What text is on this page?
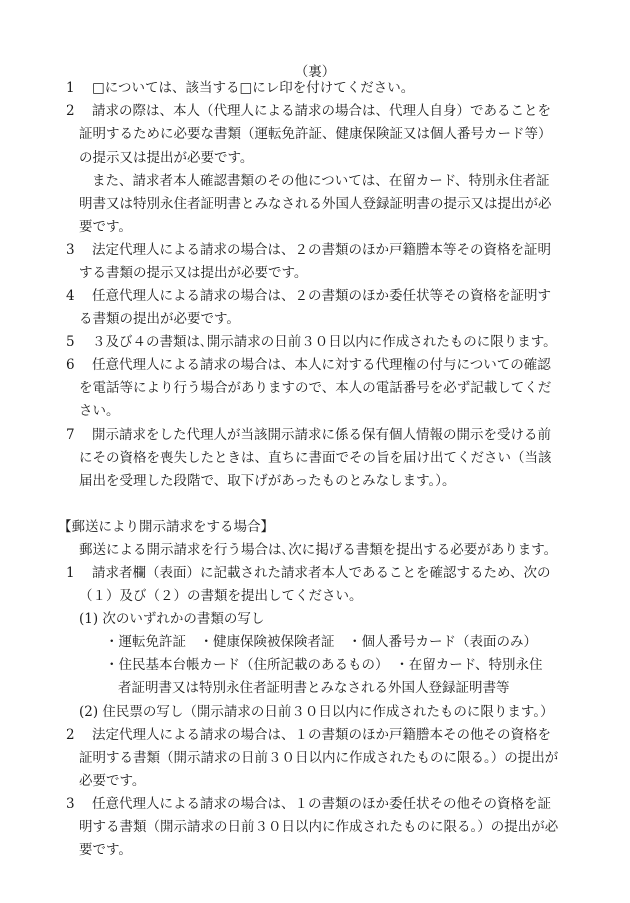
（裏）
1 □については、該当する□にレ印を付けてください。
2 請求の際は、本人（代理人による請求の場合は、代理人自身）であることを
証明するために必要な書類（運転免許証、健康保険証又は個人番号カード等）
の提示又は提出が必要です。
また、請求者本人確認書類のその他については、在留カード、特別永住者証
明書又は特別永住者証明書とみなされる外国人登録証明書の提示又は提出が必
要です。
3 法定代理人による請求の場合は、２の書類のほか戸籍謄本等その資格を証明
する書類の提示又は提出が必要です。
4 任意代理人による請求の場合は、２の書類のほか委任状等その資格を証明す
る書類の提出が必要です。
5 ３及び４の書類は､開示請求の日前３０日以内に作成されたものに限ります。
6 任意代理人による請求の場合は、本人に対する代理権の付与についての確認
を電話等により行う場合がありますので、本人の電話番号を必ず記載してくだ
さい。
7 開示請求をした代理人が当該開示請求に係る保有個人情報の開示を受ける前
にその資格を喪失したときは、直ちに書面でその旨を届け出てください（当該
届出を受理した段階で、取下げがあったものとみなします。）。
【郵送により開示請求をする場合】
郵送による開示請求を行う場合は､次に掲げる書類を提出する必要があります。
1 請求者欄（表面）に記載された請求者本人であることを確認するため、次の
（１）及び（２）の書類を提出してください。
(1) 次のいずれかの書類の写し
・運転免許証　・健康保険被保険者証　・個人番号カード（表面のみ）
・住民基本台帳カード（住所記載のあるもの）　・在留カード、特別永住
者証明書又は特別永住者証明書とみなされる外国人登録証明書等
(2) 住民票の写し（開示請求の日前３０日以内に作成されたものに限ります。）
2 法定代理人による請求の場合は、１の書類のほか戸籍謄本その他その資格を
証明する書類（開示請求の日前３０日以内に作成されたものに限る。）の提出が
必要です。
3 任意代理人による請求の場合は、１の書類のほか委任状その他その資格を証
明する書類（開示請求の日前３０日以内に作成されたものに限る。）の提出が必
要です。
